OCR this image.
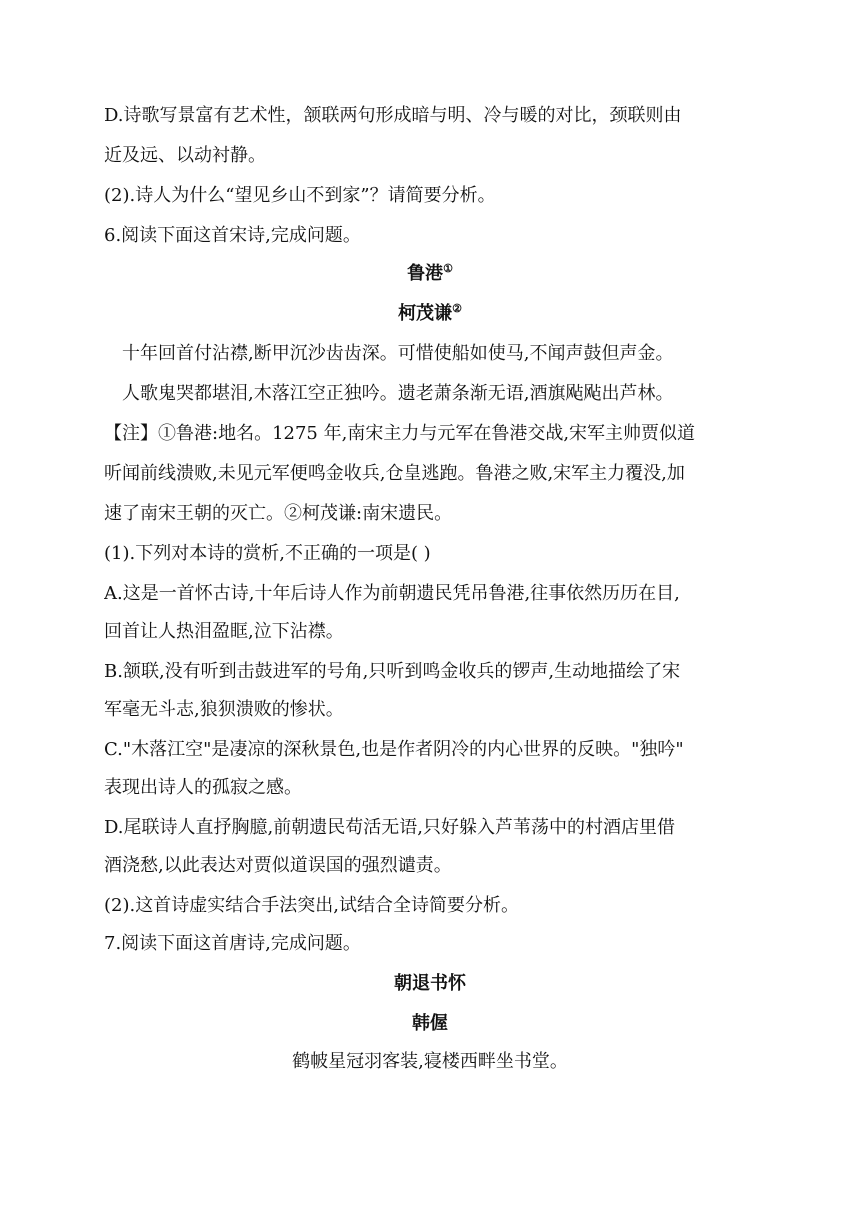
D.诗歌写景富有艺术性，颔联两句形成暗与明、冷与暖的对比，颈联则由
近及远、以动衬静。
(2).诗人为什么“望见乡山不到家”？请简要分析。
6.阅读下面这首宋诗,完成问题。
鲁港①
柯茂谦②
十年回首付沾襟,断甲沉沙齿齿深。可惜使船如使马,不闻声鼓但声金。
人歌鬼哭都堪泪,木落江空正独吟。遗老萧条渐无语,酒旗飐飐出芦林。
【注】①鲁港:地名。1275 年,南宋主力与元军在鲁港交战,宋军主帅贾似道
听闻前线溃败,未见元军便鸣金收兵,仓皇逃跑。鲁港之败,宋军主力覆没,加
速了南宋王朝的灭亡。②柯茂谦:南宋遗民。
(1).下列对本诗的赏析,不正确的一项是( )
A.这是一首怀古诗,十年后诗人作为前朝遗民凭吊鲁港,往事依然历历在目,
回首让人热泪盈眶,泣下沾襟。
B.颔联,没有听到击鼓进军的号角,只听到鸣金收兵的锣声,生动地描绘了宋
军毫无斗志,狼狈溃败的惨状。
C."木落江空"是凄凉的深秋景色,也是作者阴冷的内心世界的反映。"独吟"
表现出诗人的孤寂之感。
D.尾联诗人直抒胸臆,前朝遗民苟活无语,只好躲入芦苇荡中的村酒店里借
酒浇愁,以此表达对贾似道误国的强烈谴责。
(2).这首诗虚实结合手法突出,试结合全诗简要分析。
7.阅读下面这首唐诗,完成问题。
朝退书怀
韩偓
鹤帔星冠羽客装,寝楼西畔坐书堂。
